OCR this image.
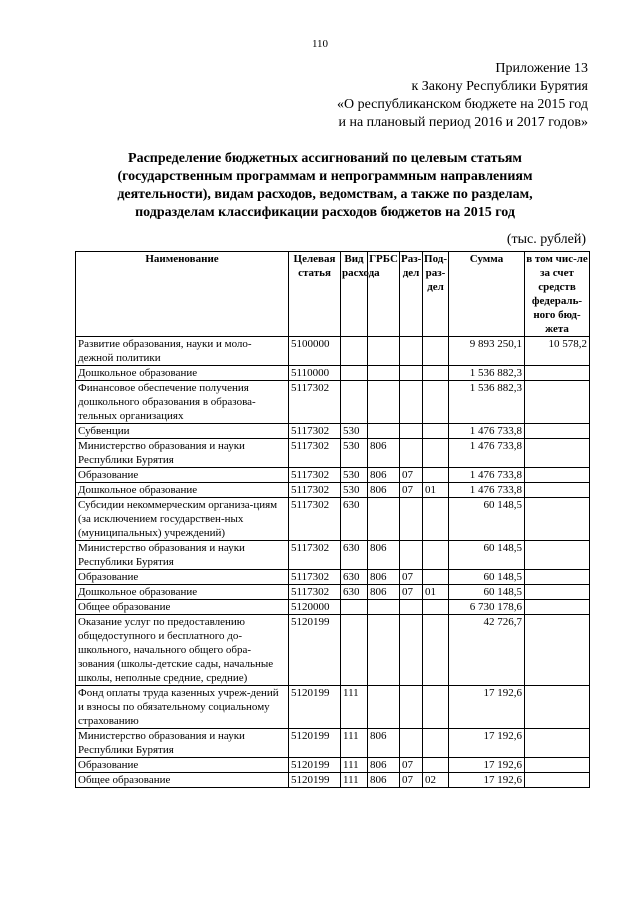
110
Приложение 13
к Закону Республики Бурятия
«О республиканском бюджете на 2015 год
и на плановый период 2016 и 2017 годов»
Распределение бюджетных ассигнований по целевым статьям
(государственным программам и непрограммным направлениям
деятельности), видам расходов, ведомствам, а также по разделам,
подразделам классификации расходов бюджетов на 2015 год
(тыс. рублей)
Наименование	Целевая статья	Вид расхода	ГРБС	Раз-дел	Под-раз-дел	Сумма	в том чис-ле за счет средств федераль-ного бюд-жета
Развитие образования, науки и моло-дежной политики	5100000					9 893 250,1	10 578,2
Дошкольное образование	5110000					1 536 882,3	
Финансовое обеспечение получения дошкольного образования в образова-тельных организациях	5117302					1 536 882,3	
Субвенции	5117302	530				1 476 733,8	
Министерство образования и науки Республики Бурятия	5117302	530	806			1 476 733,8	
Образование	5117302	530	806	07		1 476 733,8	
Дошкольное образование	5117302	530	806	07	01	1 476 733,8	
Субсидии некоммерческим организа-циям (за исключением государствен-ных (муниципальных) учреждений)	5117302	630				60 148,5	
Министерство образования и науки Республики Бурятия	5117302	630	806			60 148,5	
Образование	5117302	630	806	07		60 148,5	
Дошкольное образование	5117302	630	806	07	01	60 148,5	
Общее образование	5120000					6 730 178,6	
Оказание услуг по предоставлению общедоступного и бесплатного до-школьного, начального общего обра-зования (школы-детские сады, начальные школы, неполные средние, средние)	5120199					42 726,7	
Фонд оплаты труда казенных учреж-дений и взносы по обязательному социальному страхованию	5120199	111				17 192,6	
Министерство образования и науки Республики Бурятия	5120199	111	806			17 192,6	
Образование	5120199	111	806	07		17 192,6	
Общее образование	5120199	111	806	07	02	17 192,6	
